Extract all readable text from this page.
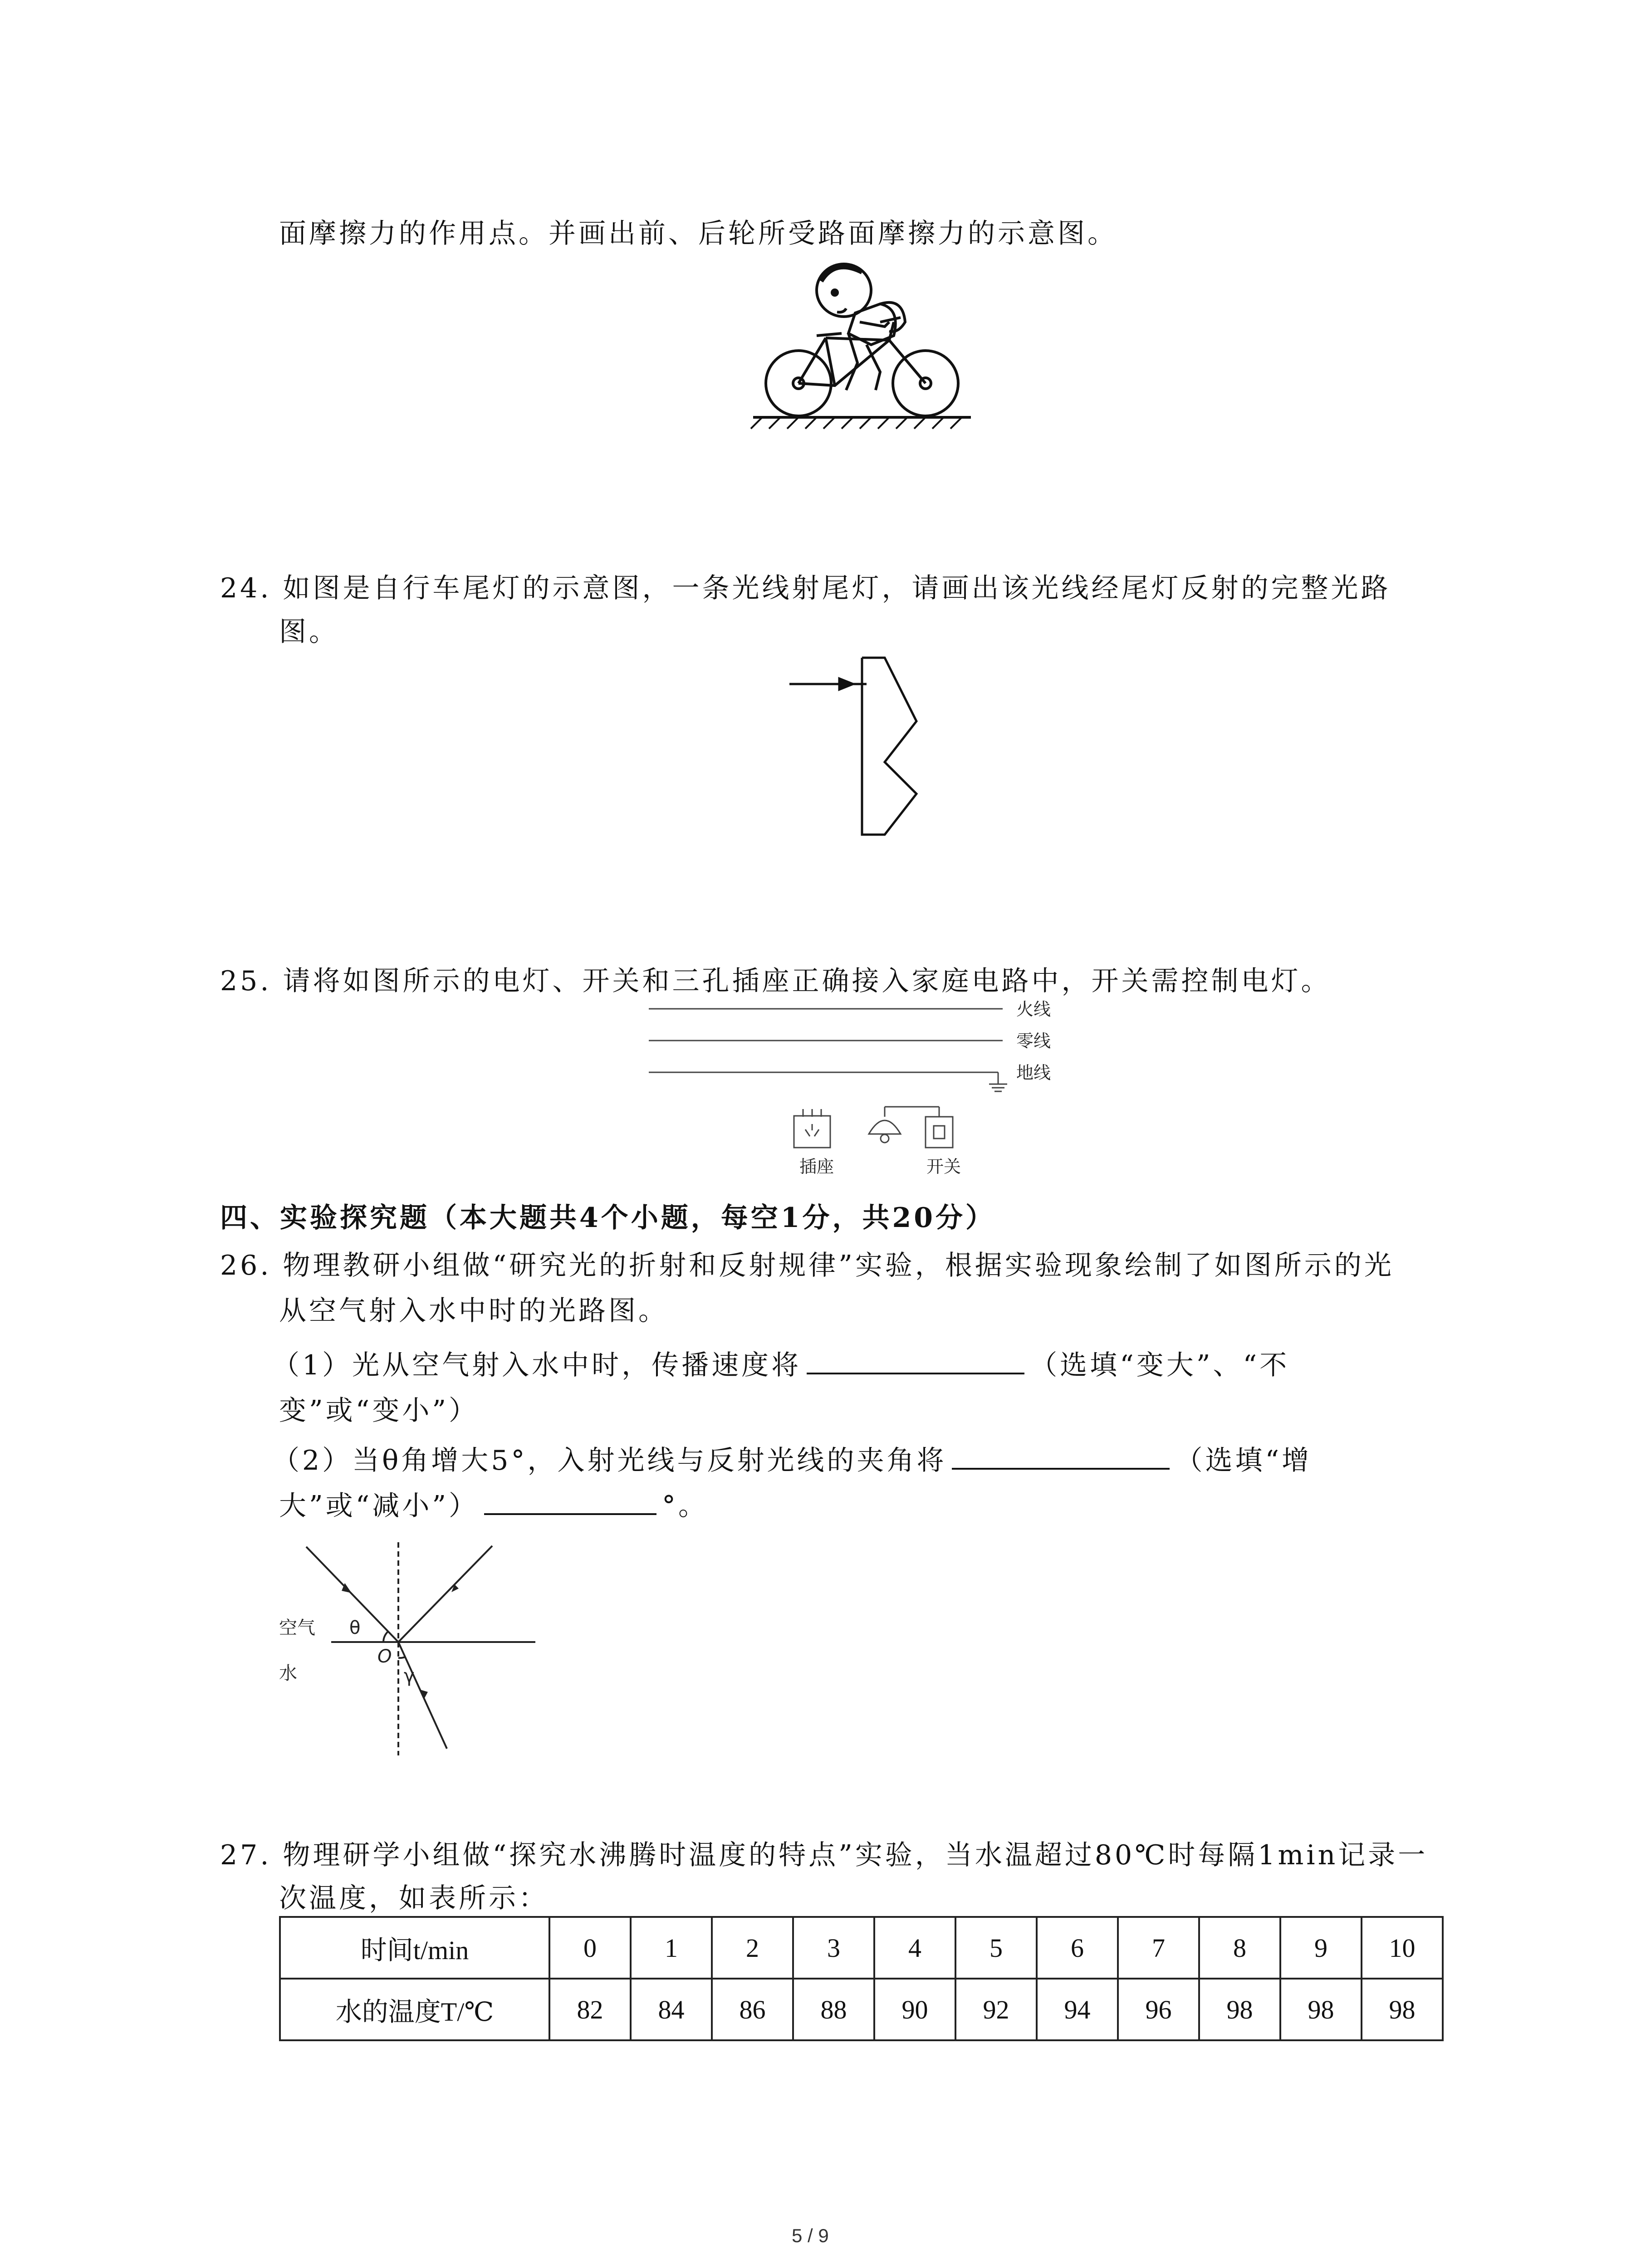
面摩擦力的作用点。并画出前、后轮所受路面摩擦力的示意图。
24. 如图是自行车尾灯的示意图，一条光线射尾灯，请画出该光线经尾灯反射的完整光路
图。
25. 请将如图所示的电灯、开关和三孔插座正确接入家庭电路中，开关需控制电灯。
火线
零线
地线
插座	开关
四、实验探究题（本大题共4个小题，每空1分，共20分）
26. 物理教研小组做“研究光的折射和反射规律”实验，根据实验现象绘制了如图所示的光
从空气射入水中时的光路图。
（1）光从空气射入水中时，传播速度将	（选填“变大”、“不
变”或“变小”）
（2）当θ角增大5°，入射光线与反射光线的夹角将	（选填“增
大”或“减小”）	°。
空气
水
θ
O
γ
27. 物理研学小组做“探究水沸腾时温度的特点”实验，当水温超过80℃时每隔1min记录一
次温度，如表所示：
时间t/min	0	1	2	3	4	5	6	7	8	9	10
水的温度T/℃	82	84	86	88	90	92	94	96	98	98	98
5 / 9
